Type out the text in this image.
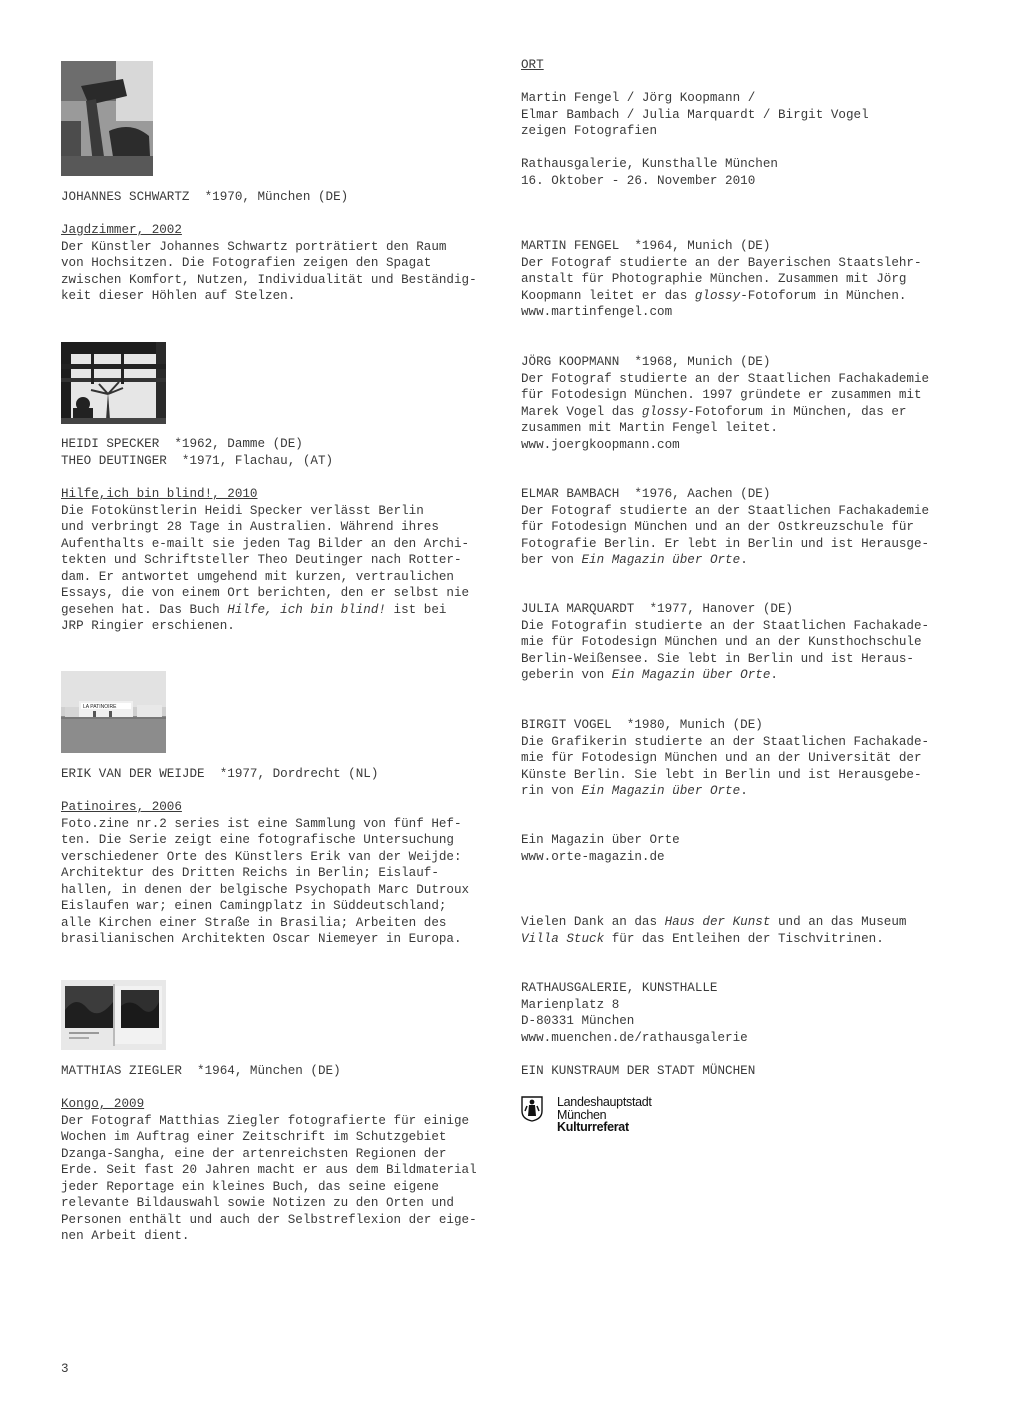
JOHANNES SCHWARTZ  *1970, München (DE)
Jagdzimmer, 2002
Der Künstler Johannes Schwartz porträtiert den Raum
von Hochsitzen. Die Fotografien zeigen den Spagat
zwischen Komfort, Nutzen, Individualität und Beständig-
keit dieser Höhlen auf Stelzen.
HEIDI SPECKER  *1962, Damme (DE)
THEO DEUTINGER  *1971, Flachau, (AT)
Hilfe,ich bin blind!, 2010
Die Fotokünstlerin Heidi Specker verlässt Berlin
und verbringt 28 Tage in Australien. Während ihres
Aufenthalts e-mailt sie jeden Tag Bilder an den Archi-
tekten und Schriftsteller Theo Deutinger nach Rotter-
dam. Er antwortet umgehend mit kurzen, vertraulichen
Essays, die von einem Ort berichten, den er selbst nie
gesehen hat. Das Buch Hilfe, ich bin blind! ist bei
JRP Ringier erschienen.
LA PATINOIRE
ERIK VAN DER WEIJDE  *1977, Dordrecht (NL)
Patinoires, 2006
Foto.zine nr.2 series ist eine Sammlung von fünf Hef-
ten. Die Serie zeigt eine fotografische Untersuchung
verschiedener Orte des Künstlers Erik van der Weijde:
Architektur des Dritten Reichs in Berlin; Eislauf-
hallen, in denen der belgische Psychopath Marc Dutroux
Eislaufen war; einen Camingplatz in Süddeutschland;
alle Kirchen einer Straße in Brasilia; Arbeiten des
brasilianischen Architekten Oscar Niemeyer in Europa.
MATTHIAS ZIEGLER  *1964, München (DE)
Kongo, 2009
Der Fotograf Matthias Ziegler fotografierte für einige
Wochen im Auftrag einer Zeitschrift im Schutzgebiet
Dzanga-Sangha, eine der artenreichsten Regionen der
Erde. Seit fast 20 Jahren macht er aus dem Bildmaterial
jeder Reportage ein kleines Buch, das seine eigene
relevante Bildauswahl sowie Notizen zu den Orten und
Personen enthält und auch der Selbstreflexion der eige-
nen Arbeit dient.
ORT
Martin Fengel / Jörg Koopmann /
Elmar Bambach / Julia Marquardt / Birgit Vogel
zeigen Fotografien
Rathausgalerie, Kunsthalle München
16. Oktober - 26. November 2010
MARTIN FENGEL  *1964, Munich (DE)
Der Fotograf studierte an der Bayerischen Staatslehr-
anstalt für Photographie München. Zusammen mit Jörg
Koopmann leitet er das glossy-Fotoforum in München.
www.martinfengel.com
JÖRG KOOPMANN  *1968, Munich (DE)
Der Fotograf studierte an der Staatlichen Fachakademie
für Fotodesign München. 1997 gründete er zusammen mit
Marek Vogel das glossy-Fotoforum in München, das er
zusammen mit Martin Fengel leitet.
www.joergkoopmann.com
ELMAR BAMBACH  *1976, Aachen (DE)
Der Fotograf studierte an der Staatlichen Fachakademie
für Fotodesign München und an der Ostkreuzschule für
Fotografie Berlin. Er lebt in Berlin und ist Herausge-
ber von Ein Magazin über Orte.
JULIA MARQUARDT  *1977, Hanover (DE)
Die Fotografin studierte an der Staatlichen Fachakade-
mie für Fotodesign München und an der Kunsthochschule
Berlin-Weißensee. Sie lebt in Berlin und ist Heraus-
geberin von Ein Magazin über Orte.
BIRGIT VOGEL  *1980, Munich (DE)
Die Grafikerin studierte an der Staatlichen Fachakade-
mie für Fotodesign München und an der Universität der
Künste Berlin. Sie lebt in Berlin und ist Herausgebe-
rin von Ein Magazin über Orte.
Ein Magazin über Orte
www.orte-magazin.de
Vielen Dank an das Haus der Kunst und an das Museum
Villa Stuck für das Entleihen der Tischvitrinen.
RATHAUSGALERIE, KUNSTHALLE
Marienplatz 8
D-80331 München
www.muenchen.de/rathausgalerie
EIN KUNSTRAUM DER STADT MÜNCHEN
Landeshauptstadt
München
Kulturreferat
3
